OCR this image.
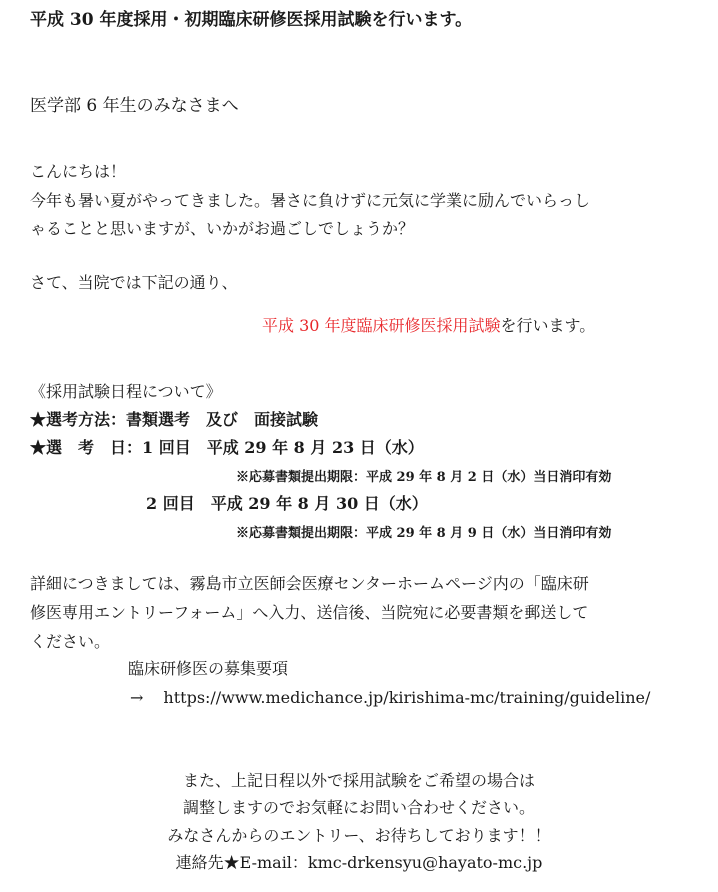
平成 30 年度採用・初期臨床研修医採用試験を行います。
医学部 6 年生のみなさまへ
こんにちは！
今年も暑い夏がやってきました。暑さに負けずに元気に学業に励んでいらっし
ゃることと思いますが、いかがお過ごしでしょうか？
さて、当院では下記の通り、
平成 30 年度臨床研修医採用試験を行います。
《採用試験日程について》
★選考方法：書類選考　及び　面接試験
★選　考　日：1 回目　平成 29 年 8 月 23 日（水）
※応募書類提出期限：平成 29 年 8 月 2 日（水）当日消印有効
2 回目　平成 29 年 8 月 30 日（水）
※応募書類提出期限：平成 29 年 8 月 9 日（水）当日消印有効
詳細につきましては、霧島市立医師会医療センターホームページ内の「臨床研
修医専用エントリーフォーム」へ入力、送信後、当院宛に必要書類を郵送して
ください。
臨床研修医の募集要項
→ https://www.medichance.jp/kirishima-mc/training/guideline/
また、上記日程以外で採用試験をご希望の場合は
調整しますのでお気軽にお問い合わせください。
みなさんからのエントリー、お待ちしております！！
連絡先★E-mail：kmc-drkensyu@hayato-mc.jp
